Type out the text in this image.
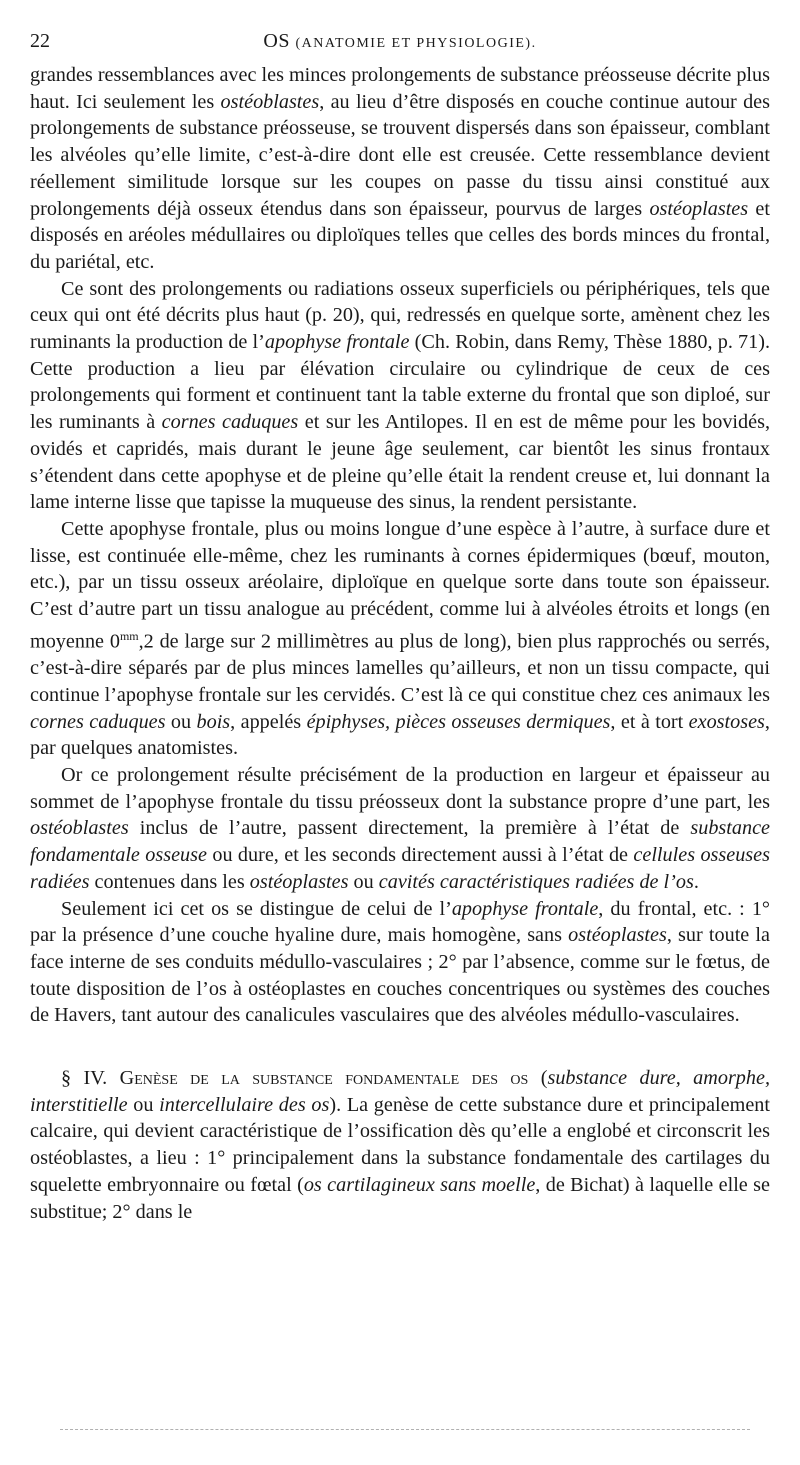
22	OS (ANATOMIE ET PHYSIOLOGIE).

grandes ressemblances avec les minces prolongements de substance préosseuse décrite plus haut. Ici seulement les ostéoblastes, au lieu d’être disposés en couche continue autour des prolongements de substance préosseuse, se trouvent dispersés dans son épaisseur, comblant les alvéoles qu’elle limite, c’est-à-dire dont elle est creusée. Cette ressemblance devient réellement similitude lorsque sur les coupes on passe du tissu ainsi constitué aux prolongements déjà osseux étendus dans son épaisseur, pourvus de larges ostéoplastes et disposés en aréoles médullaires ou diploïques telles que celles des bords minces du frontal, du pariétal, etc.

Ce sont des prolongements ou radiations osseux superficiels ou périphériques, tels que ceux qui ont été décrits plus haut (p. 20), qui, redressés en quelque sorte, amènent chez les ruminants la production de l’apophyse frontale (Ch. Robin, dans Remy, Thèse 1880, p. 71). Cette production a lieu par élévation circulaire ou cylindrique de ceux de ces prolongements qui forment et continuent tant la table externe du frontal que son diploé, sur les ruminants à cornes caduques et sur les Antilopes. Il en est de même pour les bovidés, ovidés et capridés, mais durant le jeune âge seulement, car bientôt les sinus frontaux s’étendent dans cette apophyse et de pleine qu’elle était la rendent creuse et, lui donnant la lame interne lisse que tapisse la muqueuse des sinus, la rendent persistante.

Cette apophyse frontale, plus ou moins longue d’une espèce à l’autre, à surface dure et lisse, est continuée elle-même, chez les ruminants à cornes épidermiques (bœuf, mouton, etc.), par un tissu osseux aréolaire, diploïque en quelque sorte dans toute son épaisseur. C’est d’autre part un tissu analogue au précédent, comme lui à alvéoles étroits et longs (en moyenne $0^{mm},2$ de large sur 2 millimètres au plus de long), bien plus rapprochés ou serrés, c’est-à-dire séparés par de plus minces lamelles qu’ailleurs, et non un tissu compacte, qui continue l’apophyse frontale sur les cervidés. C’est là ce qui constitue chez ces animaux les cornes caduques ou bois, appelés épiphyses, pièces osseuses dermiques, et à tort exostoses, par quelques anatomistes.

Or ce prolongement résulte précisément de la production en largeur et épaisseur au sommet de l’apophyse frontale du tissu préosseux dont la substance propre d’une part, les ostéoblastes inclus de l’autre, passent directement, la première à l’état de substance fondamentale osseuse ou dure, et les seconds directement aussi à l’état de cellules osseuses radiées contenues dans les ostéoplastes ou cavités caractéristiques radiées de l’os.

Seulement ici cet os se distingue de celui de l’apophyse frontale, du frontal, etc. : 1° par la présence d’une couche hyaline dure, mais homogène, sans ostéoplastes, sur toute la face interne de ses conduits médullo-vasculaires ; 2° par l’absence, comme sur le fœtus, de toute disposition de l’os à ostéoplastes en couches concentriques ou systèmes des couches de Havers, tant autour des canalicules vasculaires que des alvéoles médullo-vasculaires.

§ IV. Genèse de la substance fondamentale des os (substance dure, amorphe, interstitielle ou intercellulaire des os). La genèse de cette substance dure et principalement calcaire, qui devient caractéristique de l’ossification dès qu’elle a englobé et circonscrit les ostéoblastes, a lieu : 1° principalement dans la substance fondamentale des cartilages du squelette embryonnaire ou fœtal (os cartilagineux sans moelle, de Bichat) à laquelle elle se substitue; 2° dans le
